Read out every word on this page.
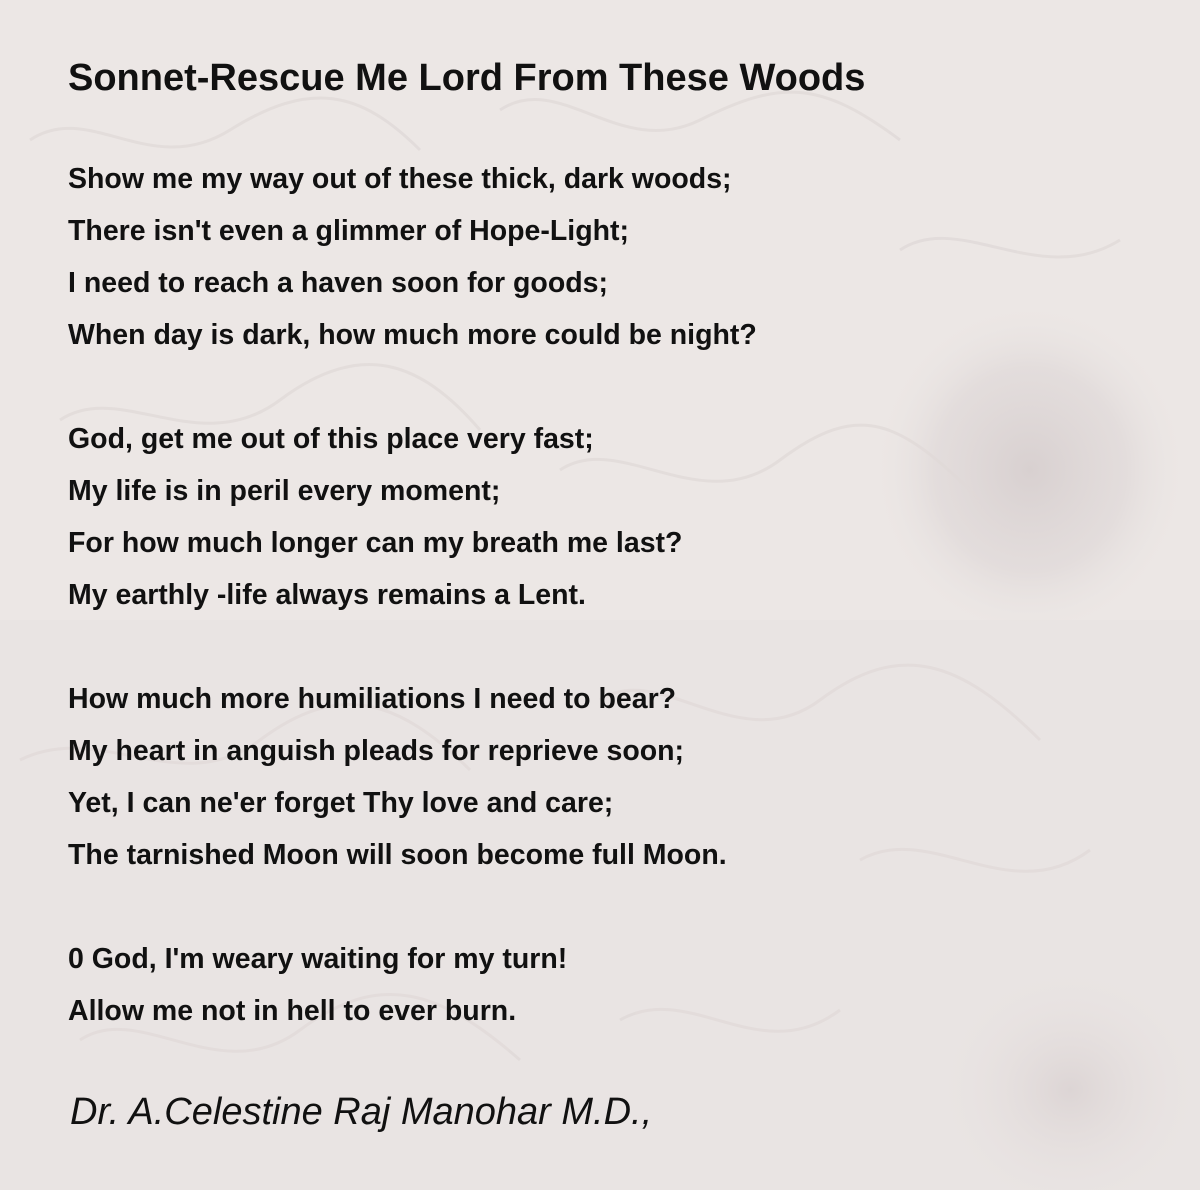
Sonnet-Rescue Me Lord From These Woods
Show me my way out of these thick, dark woods;
There isn't even a glimmer of Hope-Light;
I need to reach a haven soon for goods;
When day is dark, how much more could be night?
God, get me out of this place very fast;
My life is in peril every moment;
For how much longer can my breath me last?
My earthly -life always remains a Lent.
How much more humiliations I need to bear?
My heart in anguish pleads for reprieve soon;
Yet, I can ne'er forget Thy love and care;
The tarnished Moon will soon become full Moon.
0 God, I'm weary waiting for my turn!
Allow me not in hell to ever burn.
Dr. A.Celestine Raj Manohar M.D.,
